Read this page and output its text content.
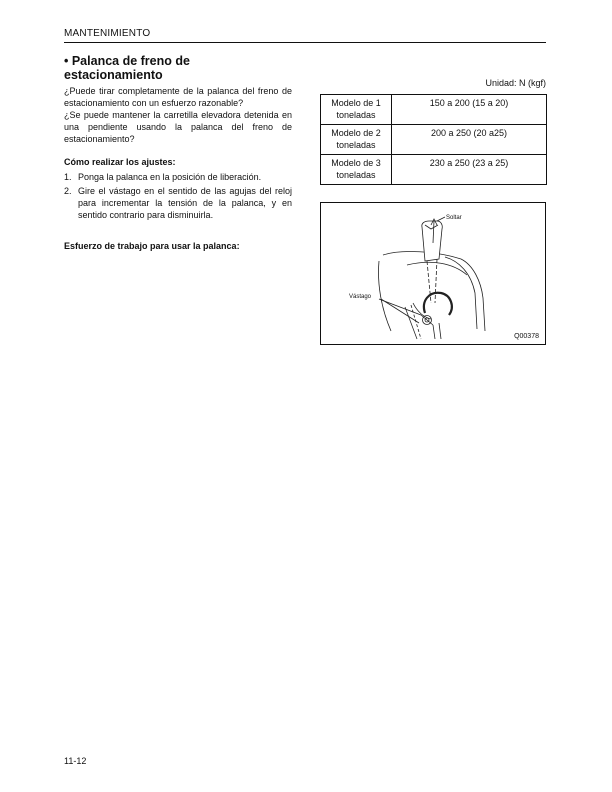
MANTENIMIENTO
• Palanca de freno de estacionamiento

¿Puede tirar completamente de la palanca del freno de estacionamiento con un esfuerzo razonable?

¿Se puede mantener la carretilla elevadora detenida en una pendiente usando la palanca del freno de estacionamiento?

Cómo realizar los ajustes:
1. Ponga la palanca en la posición de liberación.
2. Gire el vástago en el sentido de las agujas del reloj para incrementar la tensión de la palanca, y en sentido contrario para disminuirla.
Esfuerzo de trabajo para usar la palanca:
Unidad: N (kgf)
Modelo de 1 toneladas	150 a 200 (15 a 20)
Modelo de 2 toneladas	200 a 250 (20 a25)
Modelo de 3 toneladas	230 a 250 (23 a 25)
Soltar
Vástago
Q00378
11-12
